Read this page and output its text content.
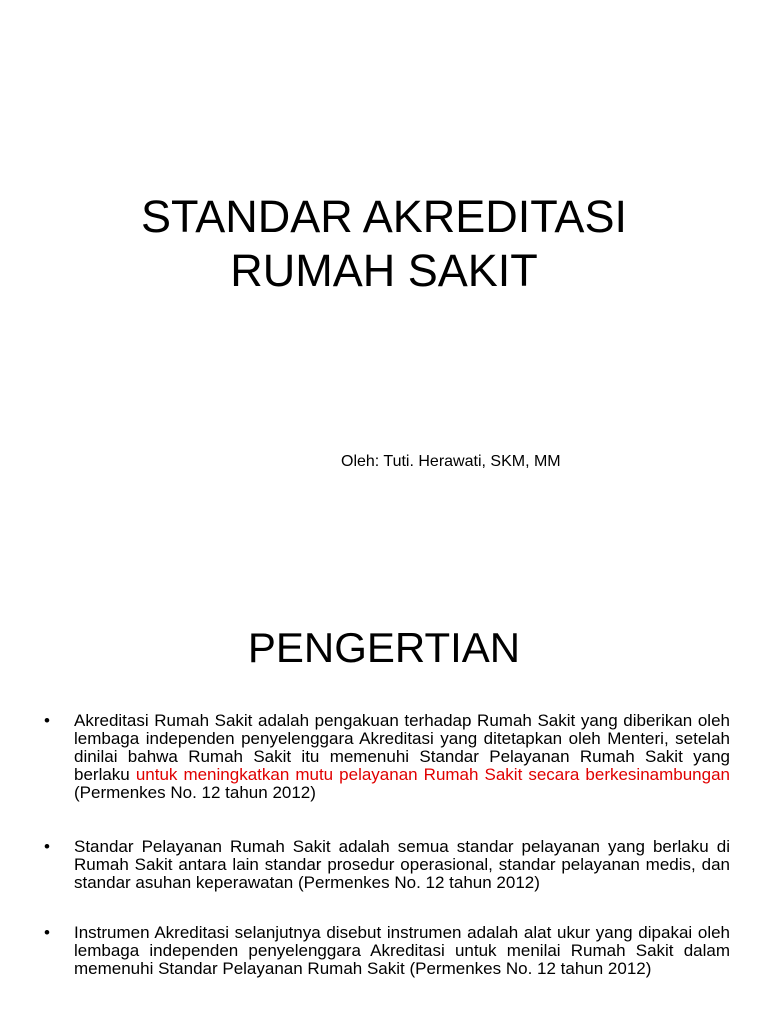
STANDAR AKREDITASI
RUMAH SAKIT

Oleh: Tuti. Herawati, SKM, MM

PENGERTIAN
• Akreditasi Rumah Sakit adalah pengakuan terhadap Rumah Sakit yang diberikan oleh lembaga independen penyelenggara Akreditasi yang ditetapkan oleh Menteri, setelah dinilai bahwa Rumah Sakit itu memenuhi Standar Pelayanan Rumah Sakit yang berlaku untuk meningkatkan mutu pelayanan Rumah Sakit secara berkesinambungan (Permenkes No. 12 tahun 2012)
• Standar Pelayanan Rumah Sakit adalah semua standar pelayanan yang berlaku di Rumah Sakit antara lain standar prosedur operasional, standar pelayanan medis, dan standar asuhan keperawatan (Permenkes No. 12 tahun 2012)
• Instrumen Akreditasi selanjutnya disebut instrumen adalah alat ukur yang dipakai oleh lembaga independen penyelenggara Akreditasi untuk menilai Rumah Sakit dalam memenuhi Standar Pelayanan Rumah Sakit (Permenkes No. 12 tahun 2012)
